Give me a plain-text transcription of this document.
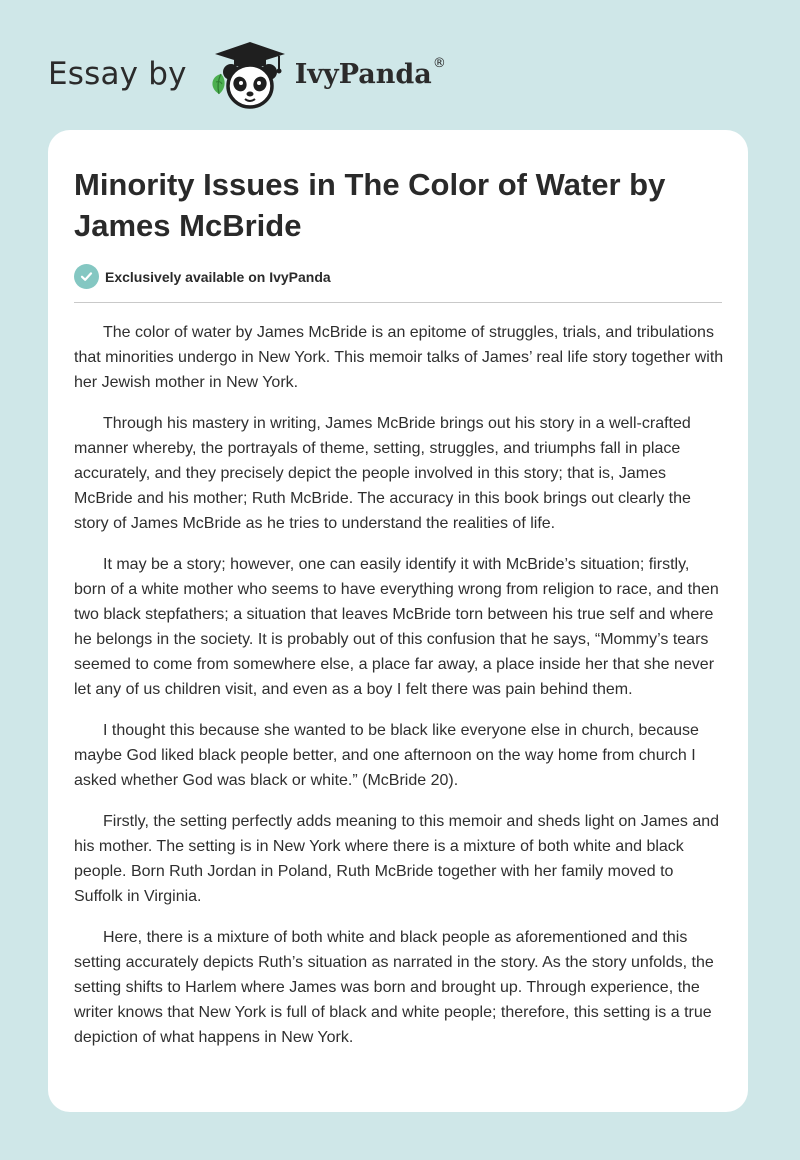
Essay by	IvyPanda ®
Minority Issues in The Color of Water by James McBride
Exclusively available on IvyPanda

The color of water by James McBride is an epitome of struggles, trials, and tribulations that minorities undergo in New York. This memoir talks of James’ real life story together with her Jewish mother in New York.

Through his mastery in writing, James McBride brings out his story in a well-crafted manner whereby, the portrayals of theme, setting, struggles, and triumphs fall in place accurately, and they precisely depict the people involved in this story; that is, James McBride and his mother; Ruth McBride. The accuracy in this book brings out clearly the story of James McBride as he tries to understand the realities of life.

It may be a story; however, one can easily identify it with McBride’s situation; firstly, born of a white mother who seems to have everything wrong from religion to race, and then two black stepfathers; a situation that leaves McBride torn between his true self and where he belongs in the society. It is probably out of this confusion that he says, “Mommy’s tears seemed to come from somewhere else, a place far away, a place inside her that she never let any of us children visit, and even as a boy I felt there was pain behind them.

I thought this because she wanted to be black like everyone else in church, because maybe God liked black people better, and one afternoon on the way home from church I asked whether God was black or white.” (McBride 20).

Firstly, the setting perfectly adds meaning to this memoir and sheds light on James and his mother. The setting is in New York where there is a mixture of both white and black people. Born Ruth Jordan in Poland, Ruth McBride together with her family moved to Suffolk in Virginia.

Here, there is a mixture of both white and black people as aforementioned and this setting accurately depicts Ruth’s situation as narrated in the story. As the story unfolds, the setting shifts to Harlem where James was born and brought up. Through experience, the writer knows that New York is full of black and white people; therefore, this setting is a true depiction of what happens in New York.
